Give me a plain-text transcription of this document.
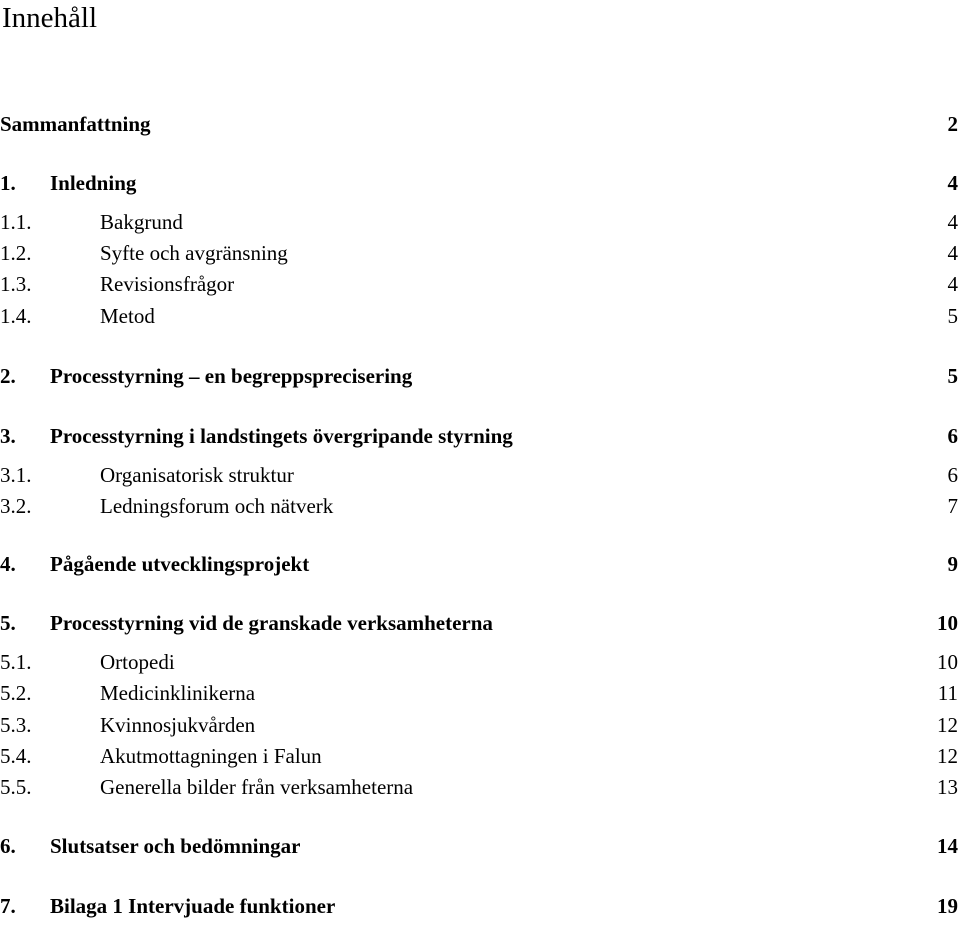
Innehåll
Sammanfattning	2
1.	Inledning	4
1.1.	Bakgrund	4
1.2.	Syfte och avgränsning	4
1.3.	Revisionsfrågor	4
1.4.	Metod	5
2.	Processtyrning – en begreppsprecisering	5
3.	Processtyrning i landstingets övergripande styrning	6
3.1.	Organisatorisk struktur	6
3.2.	Ledningsforum och nätverk	7
4.	Pågående utvecklingsprojekt	9
5.	Processtyrning vid de granskade verksamheterna	10
5.1.	Ortopedi	10
5.2.	Medicinklinikerna	11
5.3.	Kvinnosjukvården	12
5.4.	Akutmottagningen i Falun	12
5.5.	Generella bilder från verksamheterna	13
6.	Slutsatser och bedömningar	14
7.	Bilaga 1 Intervjuade funktioner	19
